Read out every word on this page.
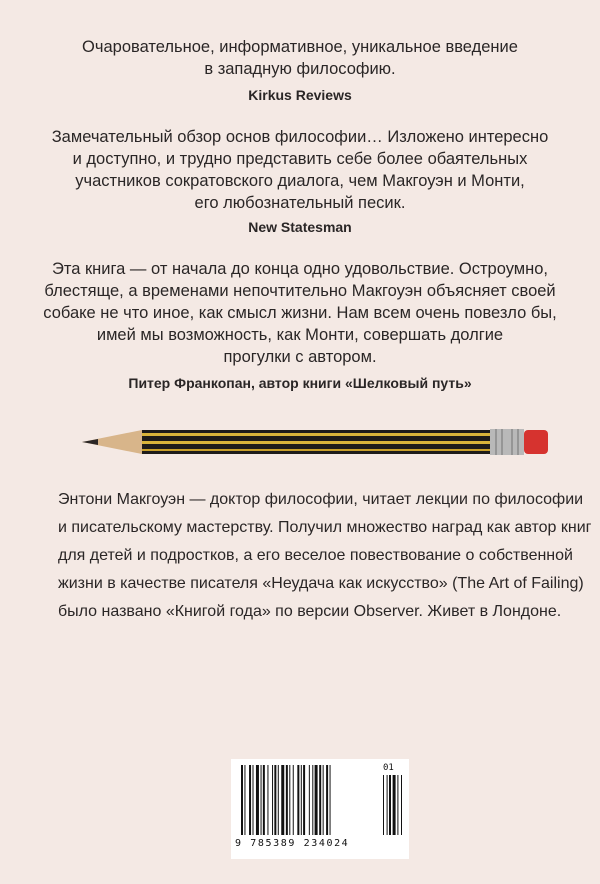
Очаровательное, информативное, уникальное введение
в западную философию.
Kirkus Reviews
Замечательный обзор основ философии… Изложено интересно
и доступно, и трудно представить себе более обаятельных
участников сократовского диалога, чем Макгоуэн и Монти,
его любознательный песик.
New Statesman
Эта книга — от начала до конца одно удовольствие. Остроумно,
блестяще, а временами непочтительно Макгоуэн объясняет своей
собаке не что иное, как смысл жизни. Нам всем очень повезло бы,
имей мы возможность, как Монти, совершать долгие
прогулки с автором.
Питер Франкопан, автор книги «Шелковый путь»
Энтони Макгоуэн — доктор философии, читает лекции по философии
и писательскому мастерству. Получил множество наград как автор книг
для детей и подростков, а его веселое повествование о собственной
жизни в качестве писателя «Неудача как искусство» (The Art of Failing)
было названо «Книгой года» по версии Observer. Живет в Лондоне.
01
9 785389 234024
